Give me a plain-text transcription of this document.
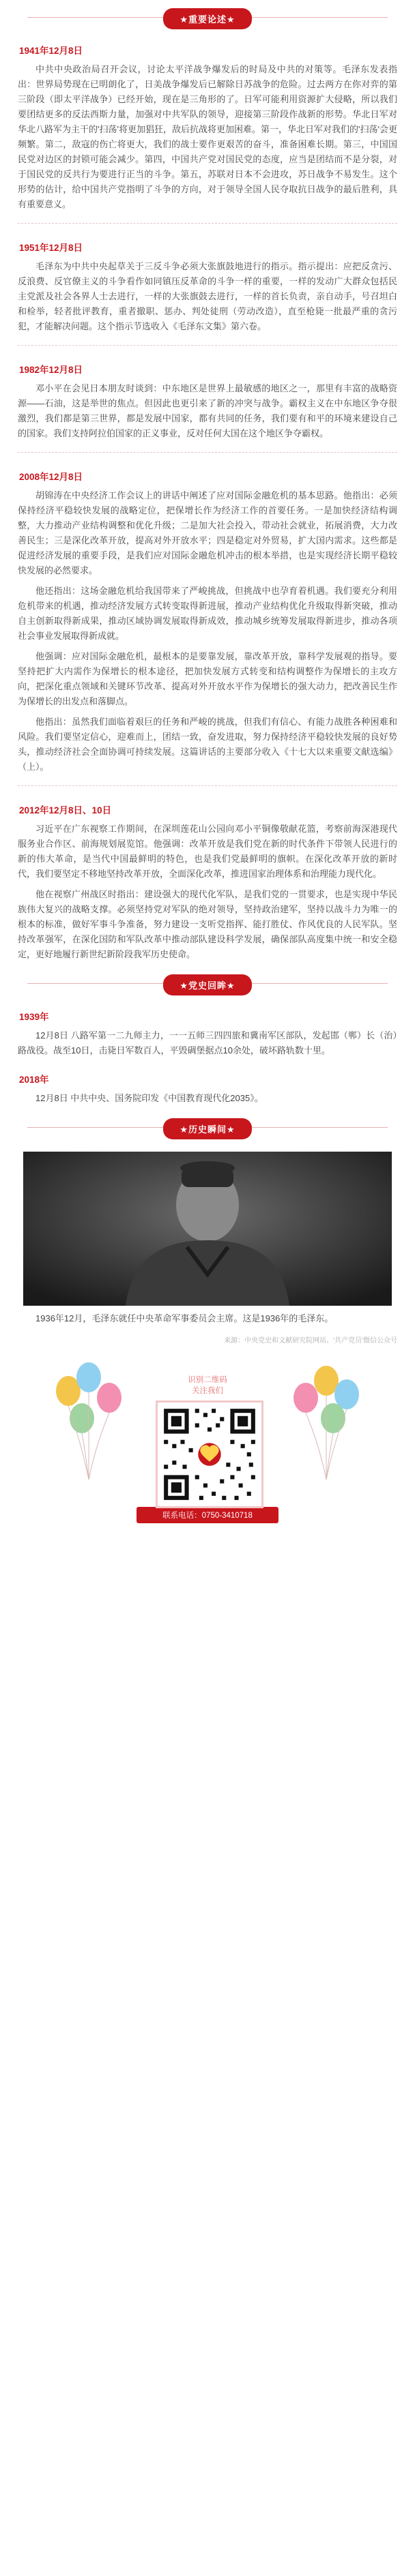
★重要论述★
1941年12月8日
中共中央政治局召开会议，讨论太平洋战争爆发后的时局及中共的对策等。毛泽东发表指出：世界局势现在已明朗化了，日美战争爆发后已解除日苏战争的危险。过去两方在你对弈的第三阶段（即太平洋战争）已经开始，现在是三角形的了。日军可能利用资源扩大侵略，所以我们要团结更多的反法西斯力量，加强对中共军队的领导，迎接第三阶段作战新的形势。华北日军对华北八路军为主干的'扫荡'将更加猖狂，敌后抗战将更加困难。第一，华北日军对我们的'扫荡'会更频繁。第二，敌寇的伤亡将更大，我们的战士要作更艰苦的奋斗，准备困难长期。第三，中国国民党对边区的封锁可能会减少。第四，中国共产党对国民党的态度，应当是团结而不是分裂，对于国民党的反共行为要进行正当的斗争。第五，苏联对日本不会进攻，苏日战争不易发生。这个形势的估计，给中国共产党指明了斗争的方向，对于领导全国人民夺取抗日战争的最后胜利，具有重要意义。
1951年12月8日
毛泽东为中共中央起草关于三反斗争必须大张旗鼓地进行的指示。指示提出：应把反贪污、反浪费、反官僚主义的斗争看作如同镇压反革命的斗争一样的重要，一样的发动广大群众包括民主党派及社会各界人士去进行，一样的大张旗鼓去进行，一样的首长负责，亲自动手，号召坦白和检举，轻者批评教育，重者撤职、惩办、判处徒刑（劳动改造），直至枪毙一批最严重的贪污犯，才能解决问题。这个指示节选收入《毛泽东文集》第六卷。
1982年12月8日
邓小平在会见日本朋友时谈到：中东地区是世界上最敏感的地区之一，那里有丰富的战略资源——石油，这是举世的焦点。但因此也更引来了新的冲突与战争。霸权主义在中东地区争夺很激烈，我们都是第三世界，都是发展中国家，都有共同的任务，我们要有和平的环境来建设自己的国家。我们支持阿拉伯国家的正义事业，反对任何大国在这个地区争夺霸权。
2008年12月8日
胡锦涛在中央经济工作会议上的讲话中阐述了应对国际金融危机的基本思路。他指出：必须保持经济平稳较快发展的战略定位，把保增长作为经济工作的首要任务。一是加快经济结构调整，大力推动产业结构调整和优化升级；二是加大社会投入，带动社会就业，拓展消费，大力改善民生；三是深化改革开放，提高对外开放水平；四是稳定对外贸易，扩大国内需求。这些都是促进经济发展的重要手段，是我们应对国际金融危机冲击的根本举措，也是实现经济长期平稳较快发展的必然要求。
他还指出：这场金融危机给我国带来了严峻挑战，但挑战中也孕育着机遇。我们要充分利用危机带来的机遇，推动经济发展方式转变取得新进展，推动产业结构优化升级取得新突破，推动自主创新取得新成果，推动区域协调发展取得新成效，推动城乡统筹发展取得新进步，推动各项社会事业发展取得新成就。
他强调：应对国际金融危机，最根本的是要靠发展，靠改革开放，靠科学发展观的指导。要坚持把扩大内需作为保增长的根本途径，把加快发展方式转变和结构调整作为保增长的主攻方向，把深化重点领域和关键环节改革、提高对外开放水平作为保增长的强大动力，把改善民生作为保增长的出发点和落脚点。
他指出：虽然我们面临着艰巨的任务和严峻的挑战，但我们有信心、有能力战胜各种困难和风险。我们要坚定信心，迎难而上，团结一致，奋发进取，努力保持经济平稳较快发展的良好势头，推动经济社会全面协调可持续发展。这篇讲话的主要部分收入《十七大以来重要文献选编》（上）。
2012年12月8日、10日
习近平在广东视察工作期间，在深圳莲花山公园向邓小平铜像敬献花篮，考察前海深港现代服务业合作区、前海规划展览馆。他强调：改革开放是我们党在新的时代条件下带领人民进行的新的伟大革命，是当代中国最鲜明的特色，也是我们党最鲜明的旗帜。在深化改革开放的新时代，我们要坚定不移地坚持改革开放，全面深化改革，推进国家治理体系和治理能力现代化。
他在视察广州战区时指出：建设强大的现代化军队，是我们党的一贯要求，也是实现中华民族伟大复兴的战略支撑。必须坚持党对军队的绝对领导，坚持政治建军，坚持以战斗力为唯一的根本的标准，做好军事斗争准备，努力建设一支听党指挥、能打胜仗、作风优良的人民军队。坚持改革强军，在深化国防和军队改革中推动部队建设科学发展，确保部队高度集中统一和安全稳定，更好地履行新世纪新阶段我军历史使命。
★党史回眸★
1939年
12月8日 八路军第一二九师主力，一一五师三四四旅和冀南军区部队，发起邯（郸）长（治）路战役。战至10日，击毙日军数百人，平毁碉堡据点10余处，破坏路轨数十里。
2018年
12月8日 中共中央、国务院印发《中国教育现代化2035》。
★历史瞬间★
1936年12月，毛泽东就任中央革命军事委员会主席。这是1936年的毛泽东。
来源：中央党史和文献研究院网站、'共产党员'微信公众号
识别二维码
关注我们
联系电话：0750-3410718
